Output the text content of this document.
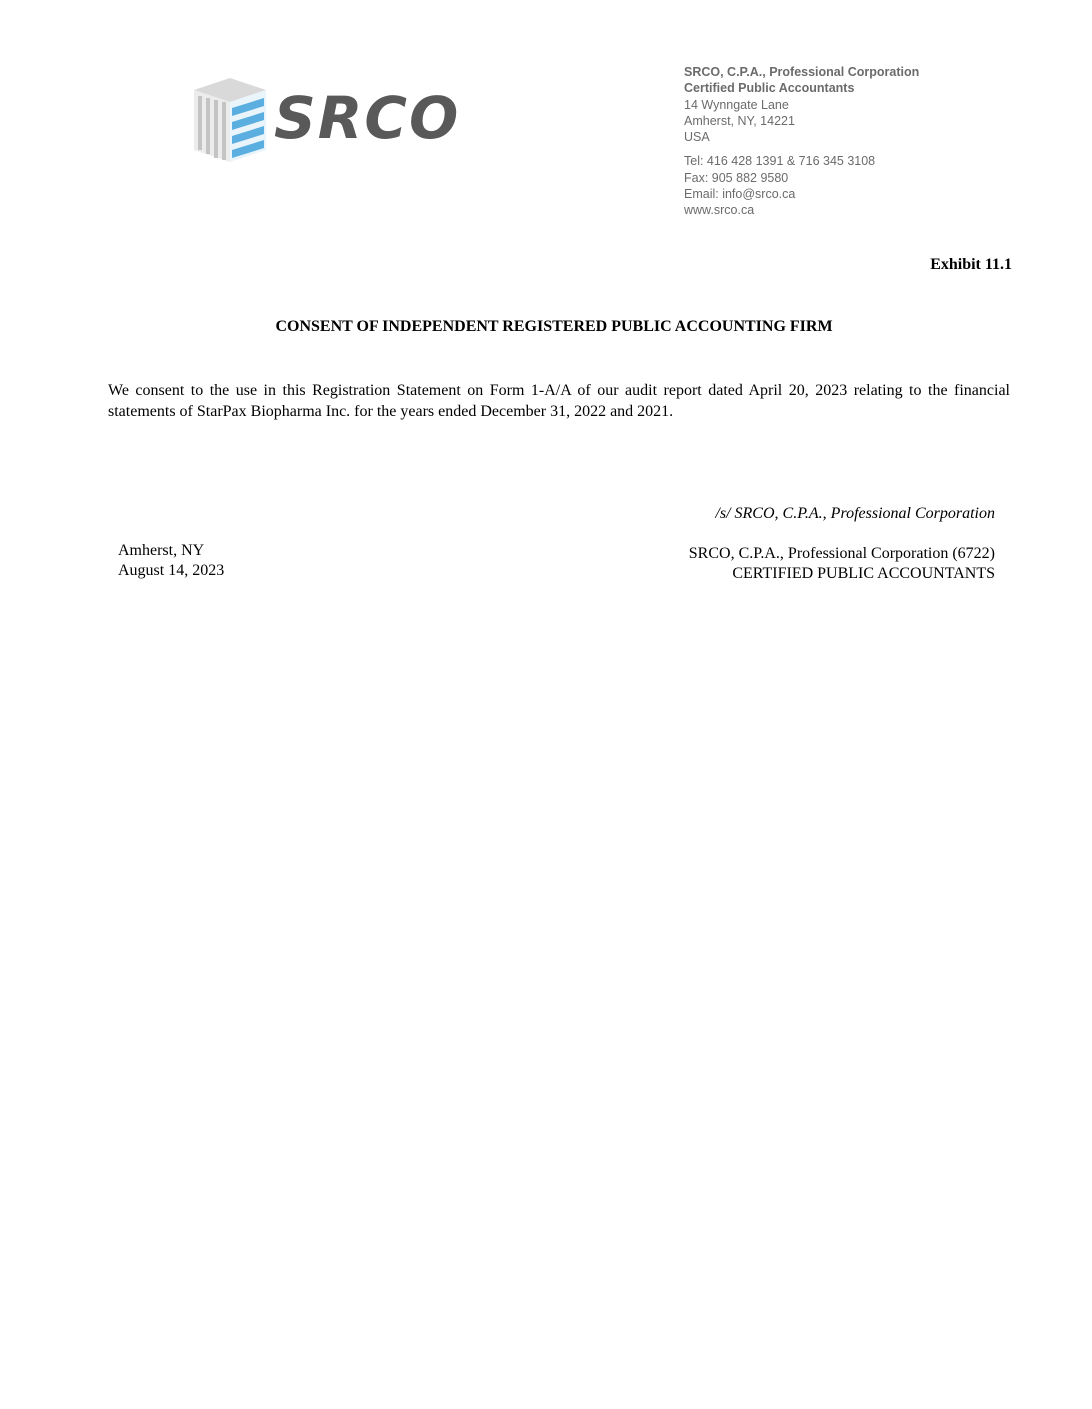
SRCO
SRCO, C.P.A., Professional Corporation
Certified Public Accountants
14 Wynngate Lane
Amherst, NY, 14221
USA
Tel: 416 428 1391 & 716 345 3108
Fax: 905 882 9580
Email: info@srco.ca
www.srco.ca
Exhibit 11.1
CONSENT OF INDEPENDENT REGISTERED PUBLIC ACCOUNTING FIRM
We consent to the use in this Registration Statement on Form 1-A/A of our audit report dated April 20, 2023 relating to the financial statements of StarPax Biopharma Inc. for the years ended December 31, 2022 and 2021.
/s/ SRCO, C.P.A., Professional Corporation
Amherst, NY
August 14, 2023
SRCO, C.P.A., Professional Corporation (6722)
CERTIFIED PUBLIC ACCOUNTANTS
